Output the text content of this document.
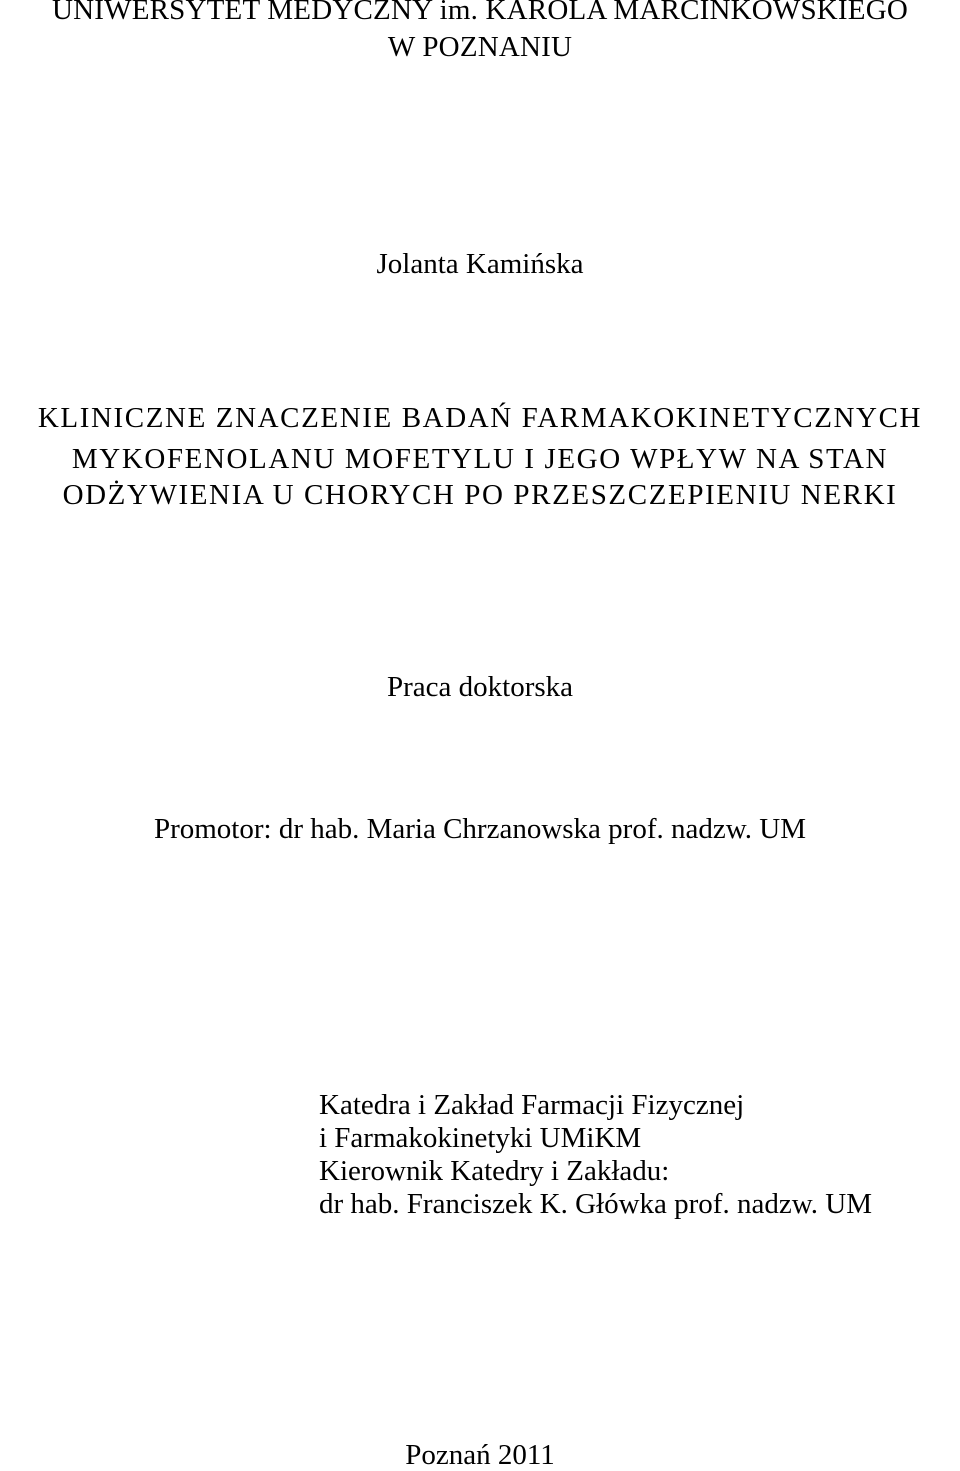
UNIWERSYTET MEDYCZNY im. KAROLA MARCINKOWSKIEGO
W POZNANIU
Jolanta Kamińska
KLINICZNE ZNACZENIE BADAŃ FARMAKOKINETYCZNYCH
MYKOFENOLANU MOFETYLU I JEGO WPŁYW NA STAN
ODŻYWIENIA U CHORYCH PO PRZESZCZEPIENIU NERKI
Praca doktorska
Promotor: dr hab. Maria Chrzanowska prof. nadzw. UM
Katedra i Zakład Farmacji Fizycznej
i Farmakokinetyki UMiKM
Kierownik Katedry i Zakładu:
dr hab. Franciszek K. Główka prof. nadzw. UM
Poznań 2011
